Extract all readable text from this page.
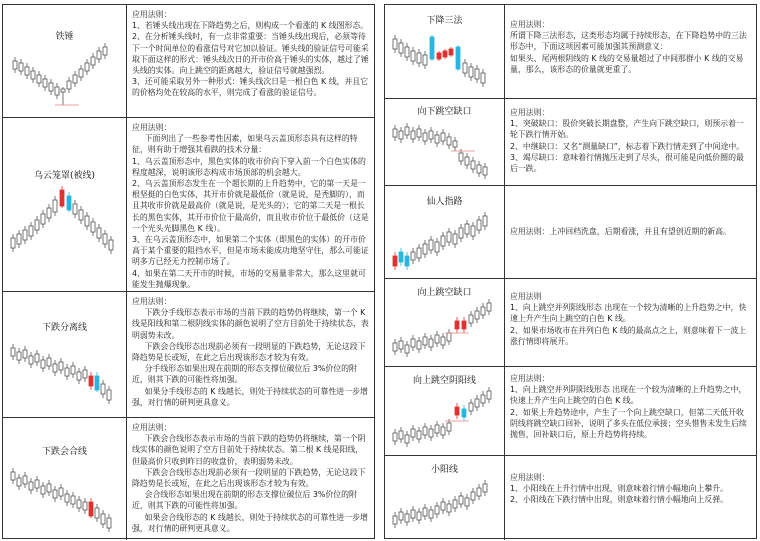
铁锤

应用法则：

1、若锤头线出现在下降趋势之后，则构成一个看涨的 K 线图形态。

2、在分析锤头线时，有一点非常重要：当锤头线出现后，必须等待下一个时间单位的看涨信号对它加以验证。锤头线的验证信号可能采取下面这样的形式：锤头线次日的开市价高于锤头的实体，越过了锤头线的实体。向上跳空的距离越大，验证信号就越强烈。

3、还可能采取另外一种形式：锤头线次日是一根白色 K 线，并且它的价格均处在较高的水平，则完成了看涨的验证信号。

乌云笼罩(被线)

应用法则：

下面列出了一些参考性因素，如果乌云盖顶形态具有这样的特征，则有助于增强其看跌的技术分量：

1、乌云盖顶形态中，黑色实体的收市价向下穿入前一个白色实体的程度越深，说明该形态构成市场顶部的机会越大。

2、乌云盖顶形态发生在一个超长期的上升趋势中，它的第一天是一根坚挺的白色实体，其开市价就是最低价（就是说，是秃脚的），而且其收市价就是最高价（就是说，是光头的）；它的第二天是一根长长的黑色实体，其开市价位于最高价，而且收市价位于最低价（这是一个光头光脚黑色 K 线）。

3、在乌云盖顶形态中，如果第二个实体（即黑色的实体）的开市价高于某个重要的阻挡水平，但是市场未能成功地坚守住，那么可能证明多方已经无力控制市场了。

4、如果在第二天开市的时候，市场的交易量非常大，那么这里就可能发生抛爆现象。

下跌分离线

应用法则：

下跌分手线形态表示市场的当前下跌的趋势仍将继续，第一个 K 线是阳线和第二根阴线实体的颜色说明了空方目前处于持续状态，表明弱势未改。

下跌会合线形态出现前必须有一段明显的下跌趋势，无论这段下降趋势是长或短，在此之后出现该形态才较为有效。

分手线形态如果出现在前期的形态支撑位破位后 3%价位的附近，则其下跌的可能性将加强。

如果分手线形态的 K 线越长，则处于持续状态的可靠性进一步增强，对行情的研判更具意义。

下跌会合线

应用法则：

下跌会合线形态表示市场的当前下跌的趋势仍将继续，第一个阴线实体的颜色说明了空方目前处于持续状态。第二根 K 线是阳线，但最高价只收到昨日的收盘价，表明弱势未改。

下跌会合线形态出现前必须有一段明显的下跌趋势，无论这段下降趋势是长或短，在此之后出现该形态才较为有效。

会合线形态如果出现在前期的形态支撑位破位后 3%价位的附近，则其下跌的可能性将加强。

如果会合线形态的 K 线越长，则处于持续状态的可靠性进一步增强，对行情的研判更具意义。

下降三法	应用法则：

所谓下降三法形态，这类形态均属于持续形态，在下降趋势中的三法形态中，下面这项因素可能加强其预测意义：

如果头、尾两根阴线的 K 线的交易量超过了中间那群小 K 线的交易量，那么，该形态的价量就更重了。

向下跳空缺口	应用法则：

1、突破缺口：股价突破长期盘整，产生向下跳空缺口，则预示着一轮下跌行情开始。

2、中继缺口：又名“测量缺口”，标志着下跌行情走到了中间途中。

3、竭尽缺口：意味着行情抛压走到了尽头，很可能是向低价圈的最后一跌。

仙人指路

应用法则：上冲回档洗盘，后期看涨，并且有望创近期的新高。

向上跳空缺口	应用法则

1、向上跳空并列阳线形态 出现在一个较为清晰的上升趋势之中，快速上升产生向上跳空的白色 K 线。

2、如果市场收市在并列白色 K 线的最高点之上，则意味着下一波上涨行情即将展开。

向上跳空阴阳线	应用法则：

1、向上跳空并列阴阳线形态 出现在一个较为清晰的上升趋势之中，快速上升产生向上跳空的白色 K 线。

2、如果上升趋势途中，产生了一个向上跳空缺口，但第二天低开收阴线将跳空缺口回补，说明了多头在低位承接；空头惜售未发生后续抛售，回补缺口后，原上升趋势将持续。

小阳线

应用法则：

1、小阳线在上升行情中出现，则意味着行情小幅地向上攀升。

2、小阳线在下跌行情中出现，则意味着行情小幅地向上反弹。
